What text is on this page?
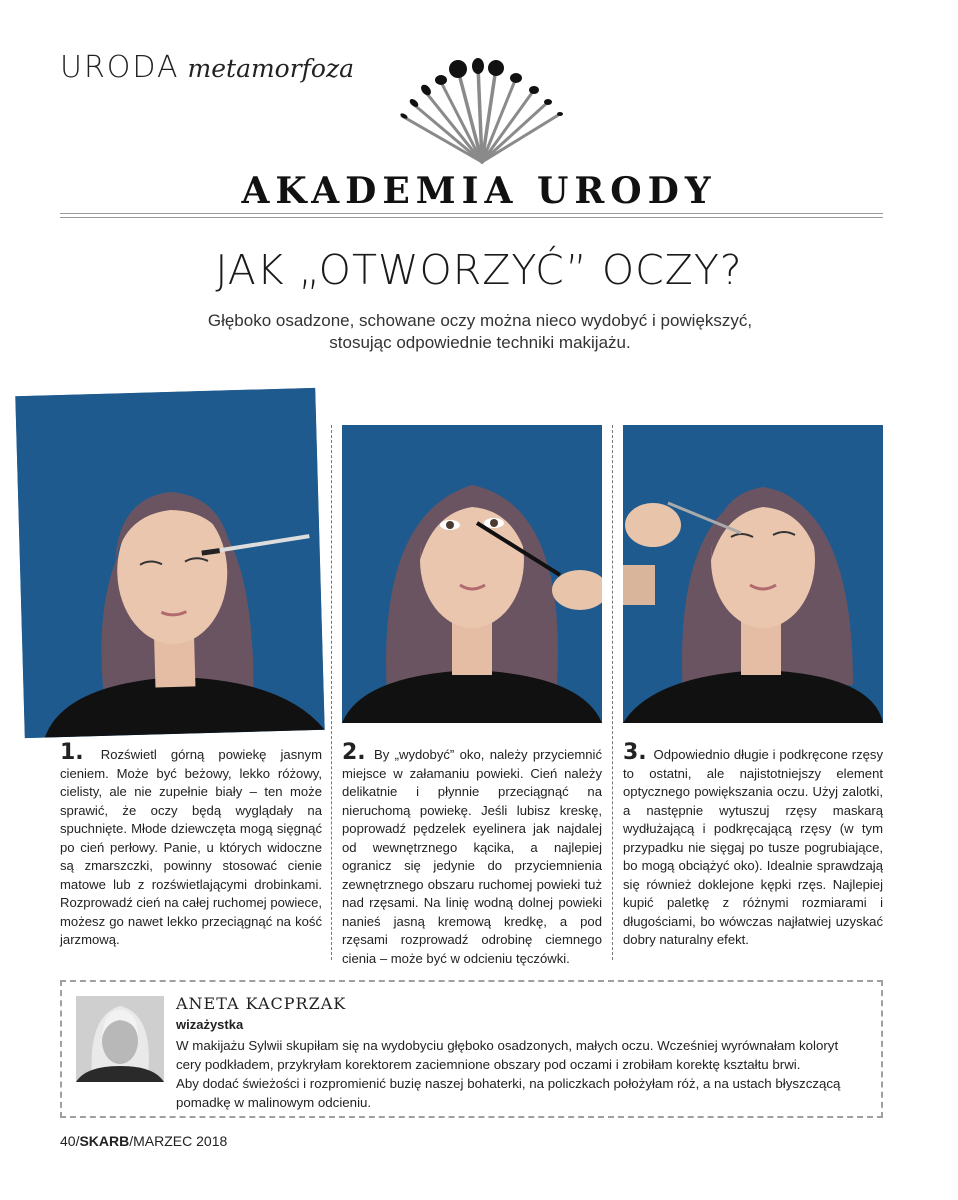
URODA metamorfoza
AKADEMIA URODY
JAK „OTWORZYĆ” OCZY?
Głęboko osadzone, schowane oczy można nieco wydobyć i powiększyć,
stosując odpowiednie techniki makijażu.
1. Rozświetl górną powiekę jasnym cieniem. Może być beżowy, lekko różowy, cielisty, ale nie zupełnie biały – ten może sprawić, że oczy będą wyglądały na spuchnięte. Młode dziewczęta mogą sięgnąć po cień perłowy. Panie, u których widoczne są zmarszczki, powinny stosować cienie matowe lub z rozświetlającymi drobinkami. Rozprowadź cień na całej ruchomej powiece, możesz go nawet lekko przeciągnąć na kość jarzmową.
2. By „wydobyć” oko, należy przyciemnić miejsce w załamaniu powieki. Cień należy delikatnie i płynnie przeciągnąć na nieruchomą powiekę. Jeśli lubisz kreskę, poprowadź pędzelek eyelinera jak najdalej od wewnętrznego kącika, a najlepiej ogranicz się jedynie do przyciemnienia zewnętrznego obszaru ruchomej powieki tuż nad rzęsami. Na linię wodną dolnej powieki nanieś jasną kremową kredkę, a pod rzęsami rozprowadź odrobinę ciemnego cienia – może być w odcieniu tęczówki.
3. Odpowiednio długie i podkręcone rzęsy to ostatni, ale najistotniejszy element optycznego powiększania oczu. Użyj zalotki, a następnie wytuszuj rzęsy maskarą wydłużającą i podkręcającą rzęsy (w tym przypadku nie sięgaj po tusze pogrubiające, bo mogą obciążyć oko). Idealnie sprawdzają się również doklejone kępki rzęs. Najlepiej kupić paletkę z różnymi rozmiarami i długościami, bo wówczas najłatwiej uzyskać dobry naturalny efekt.
ANETA KACPRZAK
wizażystka

W makijażu Sylwii skupiłam się na wydobyciu głęboko osadzonych, małych oczu. Wcześniej wyrównałam koloryt cery podkładem, przykryłam korektorem zaciemnione obszary pod oczami i zrobiłam korektę kształtu brwi.

Aby dodać świeżości i rozpromienić buzię naszej bohaterki, na policzkach położyłam róż, a na ustach błyszczącą pomadkę w malinowym odcieniu.

40/SKARB/MARZEC 2018
